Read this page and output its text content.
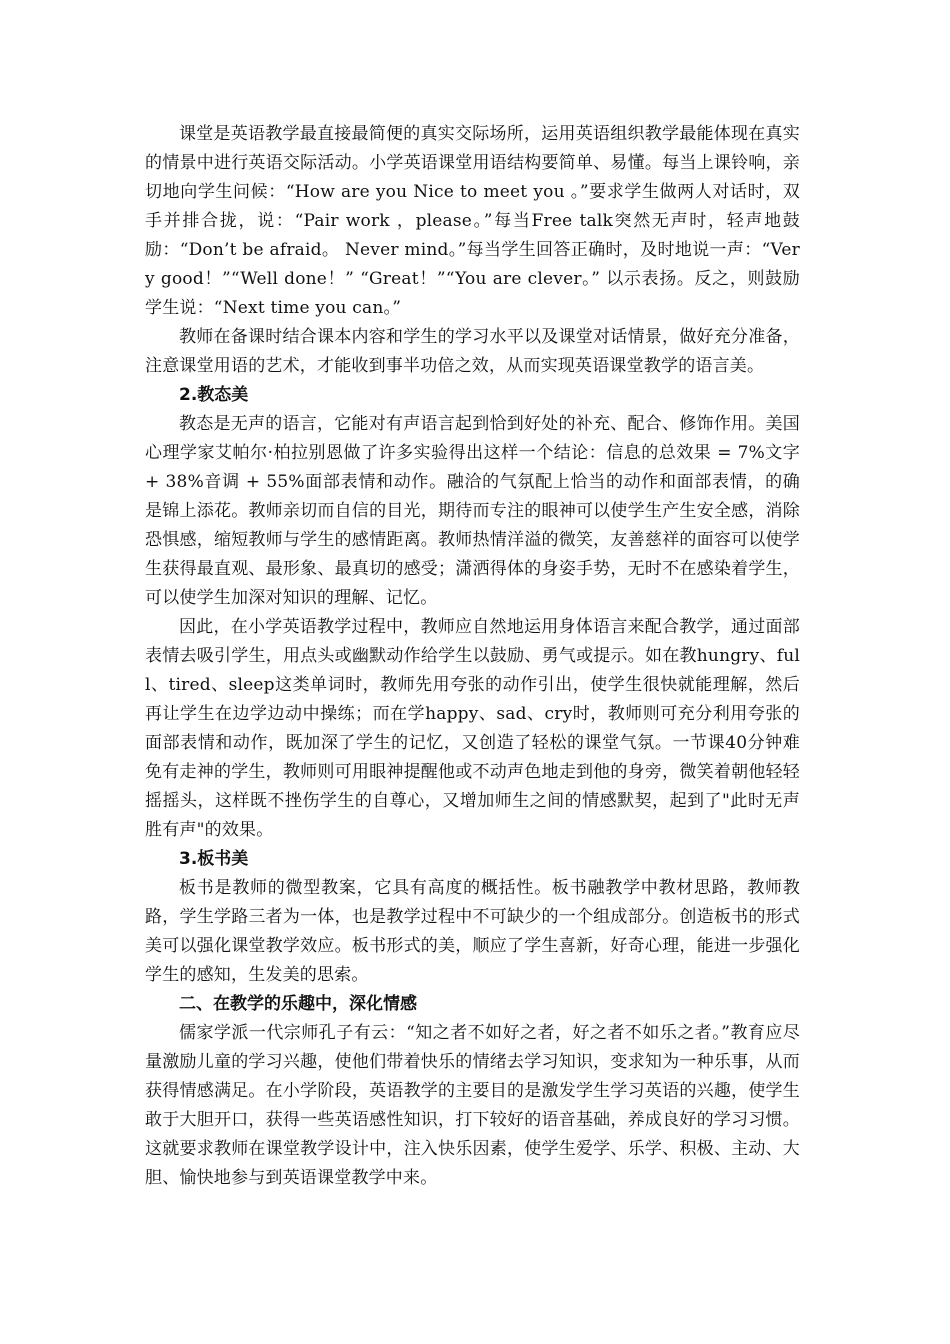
课堂是英语教学最直接最简便的真实交际场所，运用英语组织教学最能体现在真实的情景中进行英语交际活动。小学英语课堂用语结构要简单、易懂。每当上课铃响，亲切地向学生问候：“How are you Nice to meet you 。”要求学生做两人对话时，双手并排合拢，说：“Pair work ，please。”每当Free talk突然无声时，轻声地鼓励：“Don’t be afraid。 Never mind。”每当学生回答正确时，及时地说一声：“Very good！”“Well done！” “Great！”“You are clever。” 以示表扬。反之，则鼓励学生说：“Next time you can。”

教师在备课时结合课本内容和学生的学习水平以及课堂对话情景，做好充分准备，注意课堂用语的艺术，才能收到事半功倍之效，从而实现英语课堂教学的语言美。

2.教态美

教态是无声的语言，它能对有声语言起到恰到好处的补充、配合、修饰作用。美国心理学家艾帕尔·柏拉别恩做了许多实验得出这样一个结论：信息的总效果 = 7%文字 + 38%音调 + 55%面部表情和动作。融洽的气氛配上恰当的动作和面部表情，的确是锦上添花。教师亲切而自信的目光，期待而专注的眼神可以使学生产生安全感，消除恐惧感，缩短教师与学生的感情距离。教师热情洋溢的微笑，友善慈祥的面容可以使学生获得最直观、最形象、最真切的感受；潇洒得体的身姿手势，无时不在感染着学生，可以使学生加深对知识的理解、记忆。

因此，在小学英语教学过程中，教师应自然地运用身体语言来配合教学，通过面部表情去吸引学生，用点头或幽默动作给学生以鼓励、勇气或提示。如在教hungry、full、tired、sleep这类单词时，教师先用夸张的动作引出，使学生很快就能理解，然后再让学生在边学边动中操练；而在学happy、sad、cry时，教师则可充分利用夸张的面部表情和动作，既加深了学生的记忆，又创造了轻松的课堂气氛。一节课40分钟难免有走神的学生，教师则可用眼神提醒他或不动声色地走到他的身旁，微笑着朝他轻轻摇摇头，这样既不挫伤学生的自尊心，又增加师生之间的情感默契，起到了"此时无声胜有声"的效果。

3.板书美

板书是教师的微型教案，它具有高度的概括性。板书融教学中教材思路，教师教路，学生学路三者为一体，也是教学过程中不可缺少的一个组成部分。创造板书的形式美可以强化课堂教学效应。板书形式的美，顺应了学生喜新，好奇心理，能进一步强化学生的感知，生发美的思索。

二、在教学的乐趣中，深化情感

儒家学派一代宗师孔子有云：“知之者不如好之者，好之者不如乐之者。”教育应尽量激励儿童的学习兴趣，使他们带着快乐的情绪去学习知识，变求知为一种乐事，从而获得情感满足。在小学阶段，英语教学的主要目的是激发学生学习英语的兴趣，使学生敢于大胆开口，获得一些英语感性知识，打下较好的语音基础，养成良好的学习习惯。这就要求教师在课堂教学设计中，注入快乐因素，使学生爱学、乐学、积极、主动、大胆、愉快地参与到英语课堂教学中来。
